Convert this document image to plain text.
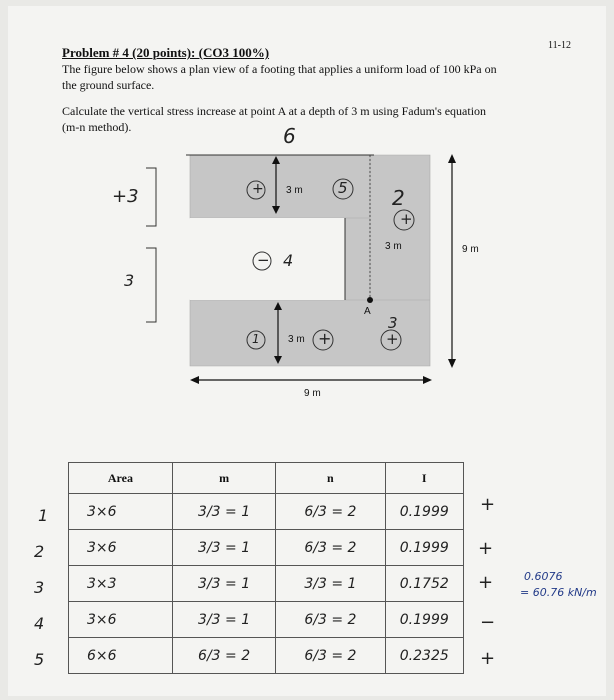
11-12
Problem # 4 (20 points): (CO3 100%)
The figure below shows a plan view of a footing that applies a uniform load of 100 kPa on
the ground surface.
Calculate the vertical stress increase at point A at a depth of 3 m using Fadum's equation
(m-n method).
3 m
3 m
3 m
9 m
9 m
A
6
+3
3
+	5 2
+
− 4
1	+
3
+
Area	m	n	I
3×6	3/3 = 1	6/3 = 2	0.1999
3×6	3/3 = 1	6/3 = 2	0.1999
3×3	3/3 = 1	3/3 = 1	0.1752
3×6	3/3 = 1	6/3 = 2	0.1999
6×6	6/3 = 2	6/3 = 2	0.2325
1
2
3
4
5
+
+
+
−
+
0.6076
= 60.76 kN/m
